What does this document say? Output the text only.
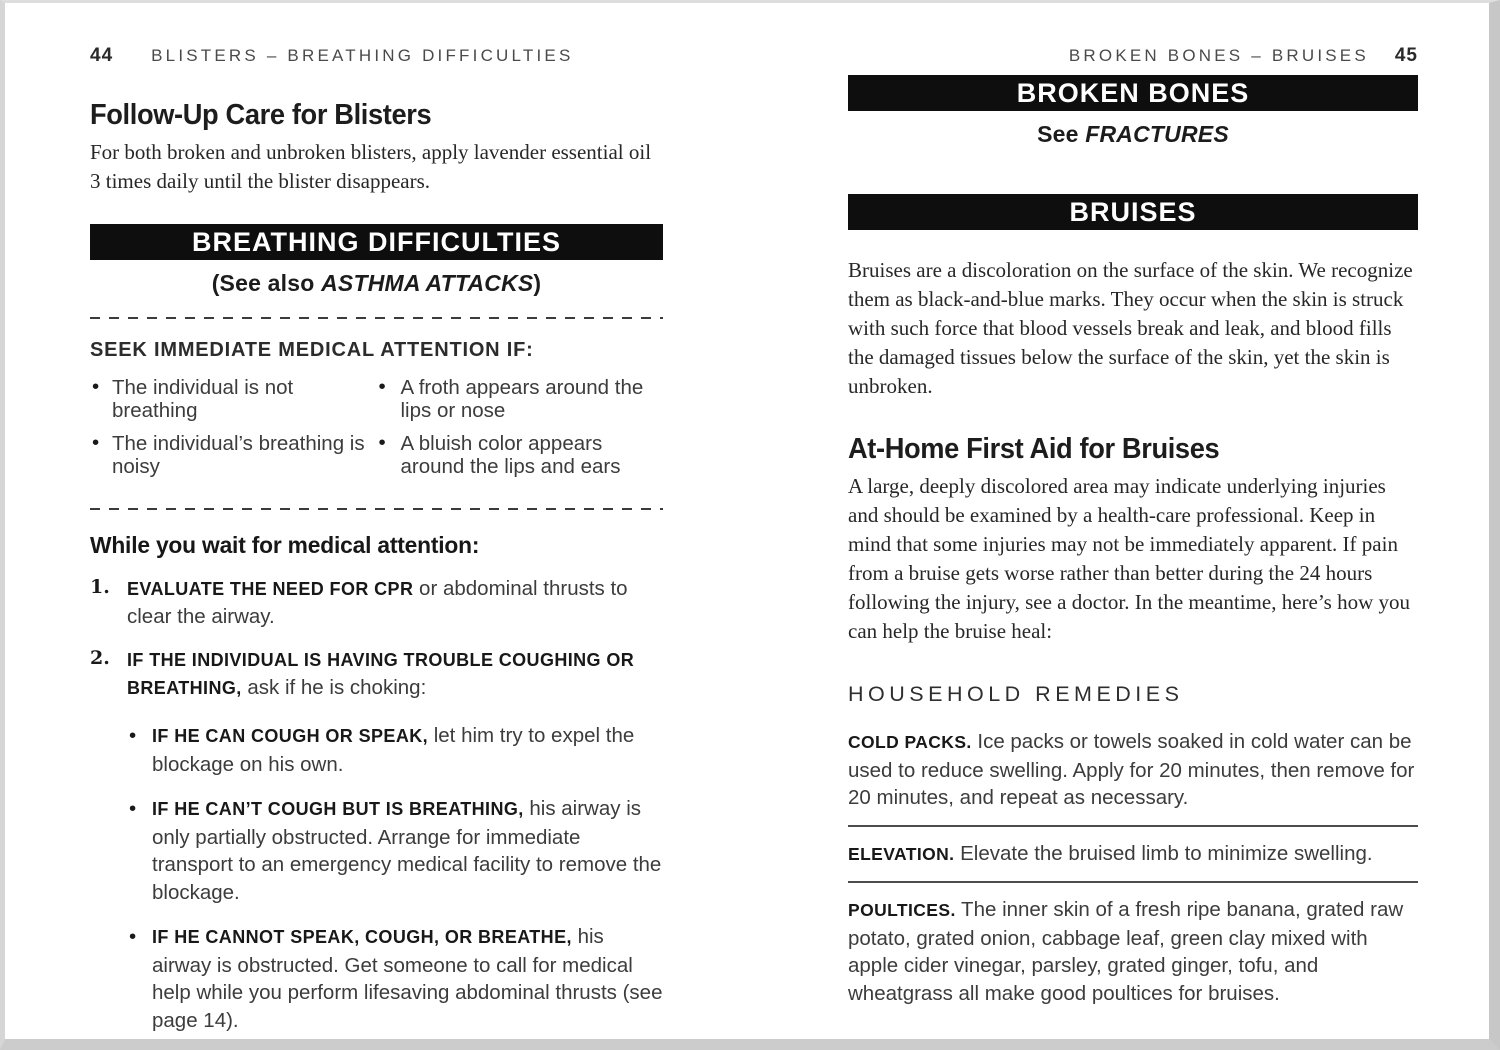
44 BLISTERS – BREATHING DIFFICULTIES
Follow-Up Care for Blisters

For both broken and unbroken blisters, apply lavender essential oil 3 times daily until the blister disappears.

BREATHING DIFFICULTIES
(See also ASTHMA ATTACKS)
SEEK IMMEDIATE MEDICAL ATTENTION IF:
• The individual is not breathing
• The individual’s breathing is noisy
• A froth appears around the lips or nose
• A bluish color appears around the lips and ears
While you wait for medical attention:
1. EVALUATE THE NEED FOR CPR or abdominal thrusts to clear the airway.
2. IF THE INDIVIDUAL IS HAVING TROUBLE COUGHING OR BREATHING, ask if he is choking:
• IF HE CAN COUGH OR SPEAK, let him try to expel the blockage on his own.
• IF HE CAN’T COUGH BUT IS BREATHING, his airway is only partially obstructed. Arrange for immediate transport to an emergency medical facility to remove the blockage.
• IF HE CANNOT SPEAK, COUGH, OR BREATHE, his airway is obstructed. Get someone to call for medical help while you perform lifesaving abdominal thrusts (see page 14).
BROKEN BONES – BRUISES 45
BROKEN BONES
See FRACTURES
BRUISES

Bruises are a discoloration on the surface of the skin. We recognize them as black-and-blue marks. They occur when the skin is struck with such force that blood vessels break and leak, and blood fills the damaged tissues below the surface of the skin, yet the skin is unbroken.

At-Home First Aid for Bruises

A large, deeply discolored area may indicate underlying injuries and should be examined by a health-care professional. Keep in mind that some injuries may not be immediately apparent. If pain from a bruise gets worse rather than better during the 24 hours following the injury, see a doctor. In the meantime, here’s how you can help the bruise heal:

HOUSEHOLD REMEDIES
COLD PACKS. Ice packs or towels soaked in cold water can be used to reduce swelling. Apply for 20 minutes, then remove for 20 minutes, and repeat as necessary.
ELEVATION. Elevate the bruised limb to minimize swelling.
POULTICES. The inner skin of a fresh ripe banana, grated raw potato, grated onion, cabbage leaf, green clay mixed with apple cider vinegar, parsley, grated ginger, tofu, and wheatgrass all make good poultices for bruises.
